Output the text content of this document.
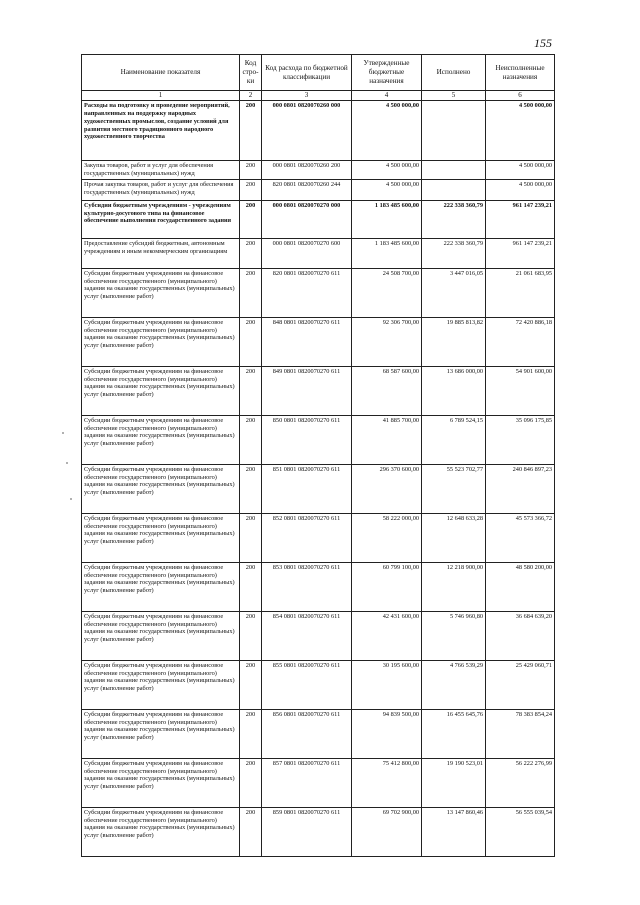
155
Наименование показателя	Код стро-ки	Код расхода по бюджетной классификации	Утвержденные бюджетные назначения	Исполнено	Неисполненные назначения
1	2	3	4	5	6
Расходы на подготовку и проведение мероприятий, направленных на поддержку народных художественных промыслов, создание условий для развития местного традиционного народного художественного творчества	200	000 0801 0820070260 000	4 500 000,00		4 500 000,00
Закупка товаров, работ и услуг для обеспечения государственных (муниципальных) нужд	200	000 0801 0820070260 200	4 500 000,00		4 500 000,00
Прочая закупка товаров, работ и услуг для обеспечения государственных (муниципальных) нужд	200	820 0801 0820070260 244	4 500 000,00		4 500 000,00
Субсидии бюджетным учреждениям - учреждениям культурно-досугового типа на финансовое обеспечение выполнения государственного задания	200	000 0801 0820070270 000	1 183 485 600,00	222 338 360,79	961 147 239,21
Предоставление субсидий бюджетным, автономным учреждениям и иным некоммерческим организациям	200	000 0801 0820070270 600	1 183 485 600,00	222 338 360,79	961 147 239,21
Субсидии бюджетным учреждениям на финансовое обеспечение государственного (муниципального) задания на оказание государственных (муниципальных) услуг (выполнение работ)	200	820 0801 0820070270 611	24 508 700,00	3 447 016,05	21 061 683,95
Субсидии бюджетным учреждениям на финансовое обеспечение государственного (муниципального) задания на оказание государственных (муниципальных) услуг (выполнение работ)	200	848 0801 0820070270 611	92 306 700,00	19 885 813,82	72 420 886,18
Субсидии бюджетным учреждениям на финансовое обеспечение государственного (муниципального) задания на оказание государственных (муниципальных) услуг (выполнение работ)	200	849 0801 0820070270 611	68 587 600,00	13 686 000,00	54 901 600,00
Субсидии бюджетным учреждениям на финансовое обеспечение государственного (муниципального) задания на оказание государственных (муниципальных) услуг (выполнение работ)	200	850 0801 0820070270 611	41 885 700,00	6 789 524,15	35 096 175,85
Субсидии бюджетным учреждениям на финансовое обеспечение государственного (муниципального) задания на оказание государственных (муниципальных) услуг (выполнение работ)	200	851 0801 0820070270 611	296 370 600,00	55 523 702,77	240 846 897,23
Субсидии бюджетным учреждениям на финансовое обеспечение государственного (муниципального) задания на оказание государственных (муниципальных) услуг (выполнение работ)	200	852 0801 0820070270 611	58 222 000,00	12 648 633,28	45 573 366,72
Субсидии бюджетным учреждениям на финансовое обеспечение государственного (муниципального) задания на оказание государственных (муниципальных) услуг (выполнение работ)	200	853 0801 0820070270 611	60 799 100,00	12 218 900,00	48 580 200,00
Субсидии бюджетным учреждениям на финансовое обеспечение государственного (муниципального) задания на оказание государственных (муниципальных) услуг (выполнение работ)	200	854 0801 0820070270 611	42 431 600,00	5 746 960,80	36 684 639,20
Субсидии бюджетным учреждениям на финансовое обеспечение государственного (муниципального) задания на оказание государственных (муниципальных) услуг (выполнение работ)	200	855 0801 0820070270 611	30 195 600,00	4 766 539,29	25 429 060,71
Субсидии бюджетным учреждениям на финансовое обеспечение государственного (муниципального) задания на оказание государственных (муниципальных) услуг (выполнение работ)	200	856 0801 0820070270 611	94 839 500,00	16 455 645,76	78 383 854,24
Субсидии бюджетным учреждениям на финансовое обеспечение государственного (муниципального) задания на оказание государственных (муниципальных) услуг (выполнение работ)	200	857 0801 0820070270 611	75 412 800,00	19 190 523,01	56 222 276,99
Субсидии бюджетным учреждениям на финансовое обеспечение государственного (муниципального) задания на оказание государственных (муниципальных) услуг (выполнение работ)	200	859 0801 0820070270 611	69 702 900,00	13 147 860,46	56 555 039,54
